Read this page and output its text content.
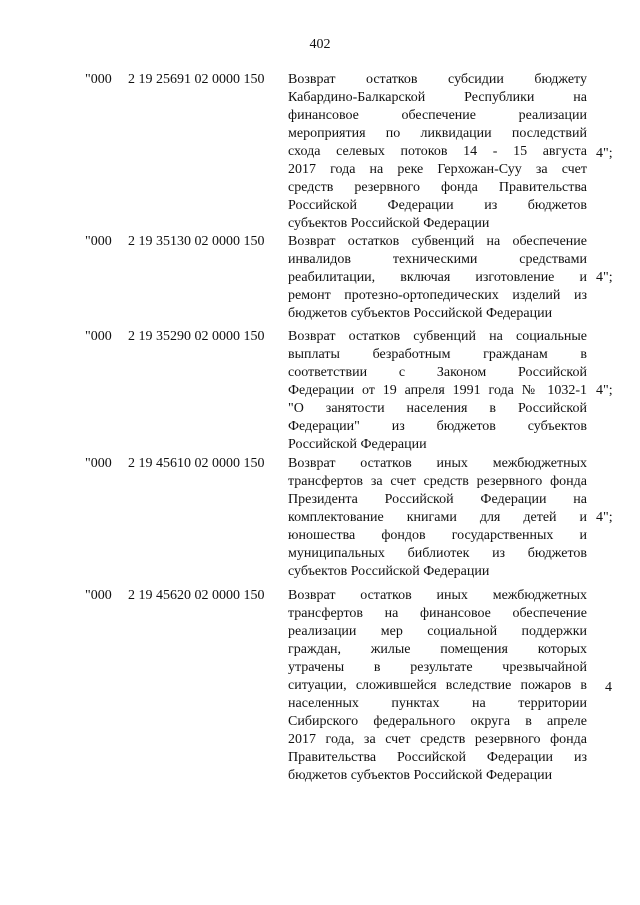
402
"000 2 19 25691 02 0000 150 Возврат остатков субсидии бюджету
Кабардино-Балкарской Республики на
финансовое обеспечение реализации
мероприятия по ликвидации последствий
схода селевых потоков 14 - 15 августа
2017 года на реке Герхожан-Суу за счет
средств резервного фонда Правительства
Российской Федерации из бюджетов
субъектов Российской Федерации
4";
"000 2 19 35130 02 0000 150 Возврат остатков субвенций на обеспечение
инвалидов техническими средствами
реабилитации, включая изготовление и
ремонт протезно-ортопедических изделий из
бюджетов субъектов Российской Федерации
4";
"000 2 19 35290 02 0000 150 Возврат остатков субвенций на социальные
выплаты безработным гражданам в
соответствии с Законом Российской
Федерации от 19 апреля 1991 года № 1032-1
"О занятости населения в Российской
Федерации" из бюджетов субъектов
Российской Федерации
4";
"000 2 19 45610 02 0000 150 Возврат остатков иных межбюджетных
трансфертов за счет средств резервного фонда
Президента Российской Федерации на
комплектование книгами для детей и
юношества фондов государственных и
муниципальных библиотек из бюджетов
субъектов Российской Федерации
4";
"000 2 19 45620 02 0000 150 Возврат остатков иных межбюджетных
трансфертов на финансовое обеспечение
реализации мер социальной поддержки
граждан, жилые помещения которых
утрачены в результате чрезвычайной
ситуации, сложившейся вследствие пожаров в
населенных пунктах на территории
Сибирского федерального округа в апреле
2017 года, за счет средств резервного фонда
Правительства Российской Федерации из
бюджетов субъектов Российской Федерации
4
